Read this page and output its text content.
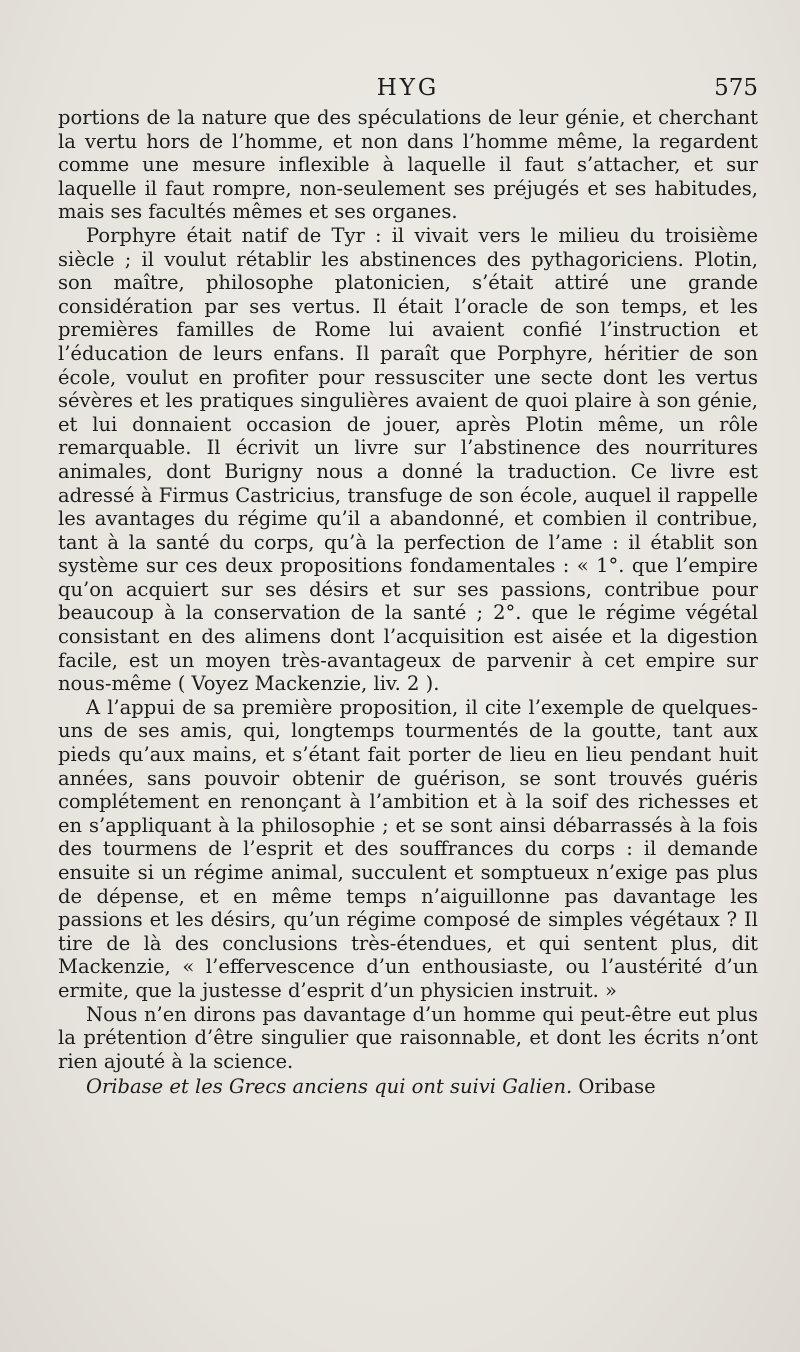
HYG	575

portions de la nature que des spéculations de leur génie, et cherchant la vertu hors de l’homme, et non dans l’homme même, la regardent comme une mesure inflexible à laquelle il faut s’attacher, et sur laquelle il faut rompre, non-seulement ses préjugés et ses habitudes, mais ses facultés mêmes et ses organes.

Porphyre était natif de Tyr : il vivait vers le milieu du troisième siècle ; il voulut rétablir les abstinences des pythagoriciens. Plotin, son maître, philosophe platonicien, s’était attiré une grande considération par ses vertus. Il était l’oracle de son temps, et les premières familles de Rome lui avaient confié l’instruction et l’éducation de leurs enfans. Il paraît que Porphyre, héritier de son école, voulut en profiter pour ressusciter une secte dont les vertus sévères et les pratiques singulières avaient de quoi plaire à son génie, et lui donnaient occasion de jouer, après Plotin même, un rôle remarquable. Il écrivit un livre sur l’abstinence des nourritures animales, dont Burigny nous a donné la traduction. Ce livre est adressé à Firmus Castricius, transfuge de son école, auquel il rappelle les avantages du régime qu’il a abandonné, et combien il contribue, tant à la santé du corps, qu’à la perfection de l’ame : il établit son système sur ces deux propositions fondamentales : « 1°. que l’empire qu’on acquiert sur ses désirs et sur ses passions, contribue pour beaucoup à la conservation de la santé ; 2°. que le régime végétal consistant en des alimens dont l’acquisition est aisée et la digestion facile, est un moyen très-avantageux de parvenir à cet empire sur nous-même ( Voyez Mackenzie, liv. 2 ).

A l’appui de sa première proposition, il cite l’exemple de quelques-uns de ses amis, qui, longtemps tourmentés de la goutte, tant aux pieds qu’aux mains, et s’étant fait porter de lieu en lieu pendant huit années, sans pouvoir obtenir de guérison, se sont trouvés guéris complétement en renonçant à l’ambition et à la soif des richesses et en s’appliquant à la philosophie ; et se sont ainsi débarrassés à la fois des tourmens de l’esprit et des souffrances du corps : il demande ensuite si un régime animal, succulent et somptueux n’exige pas plus de dépense, et en même temps n’aiguillonne pas davantage les passions et les désirs, qu’un régime composé de simples végétaux ? Il tire de là des conclusions très-étendues, et qui sentent plus, dit Mackenzie, « l’effervescence d’un enthousiaste, ou l’austérité d’un ermite, que la justesse d’esprit d’un physicien instruit. »

Nous n’en dirons pas davantage d’un homme qui peut-être eut plus la prétention d’être singulier que raisonnable, et dont les écrits n’ont rien ajouté à la science.

Oribase et les Grecs anciens qui ont suivi Galien. Oribase
